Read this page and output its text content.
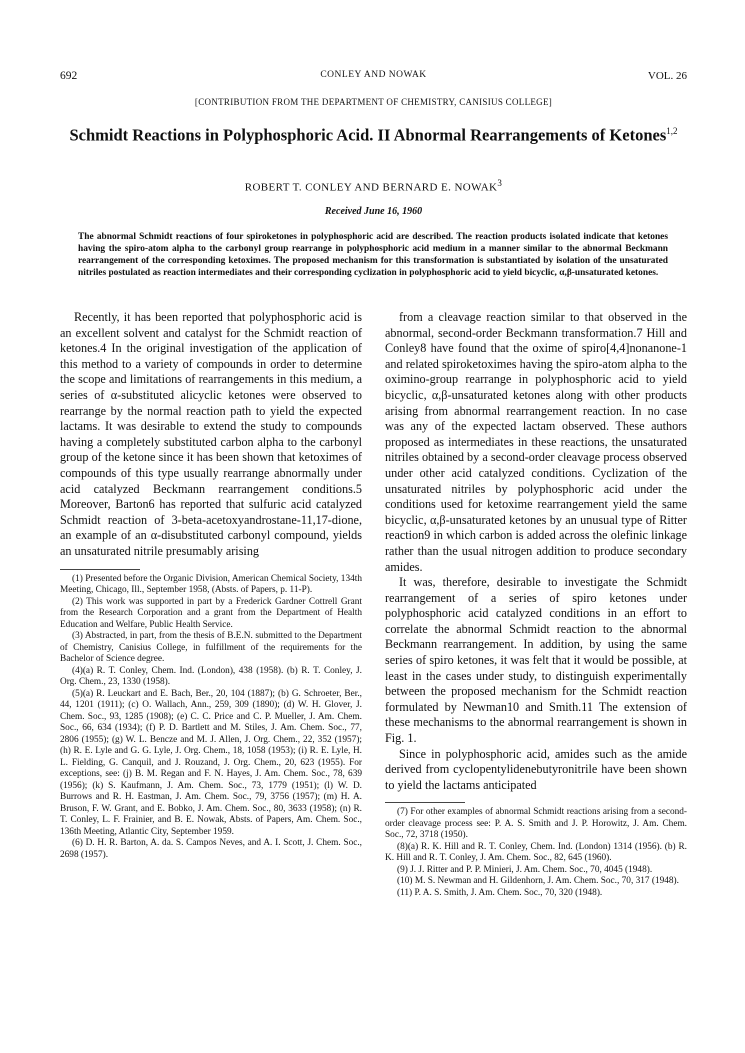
692	CONLEY AND NOWAK	VOL. 26
[CONTRIBUTION FROM THE DEPARTMENT OF CHEMISTRY, CANISIUS COLLEGE]
Schmidt Reactions in Polyphosphoric Acid. II Abnormal Rearrangements of Ketones$^{1,2}$
ROBERT T. CONLEY AND BERNARD E. NOWAK$^3$
Received June 16, 1960
The abnormal Schmidt reactions of four spiroketones in polyphosphoric acid are described. The reaction products isolated indicate that ketones having the spiro-atom alpha to the carbonyl group rearrange in polyphosphoric acid medium in a manner similar to the abnormal Beckmann rearrangement of the corresponding ketoximes. The proposed mechanism for this transformation is substantiated by isolation of the unsaturated nitriles postulated as reaction intermediates and their corresponding cyclization in polyphosphoric acid to yield bicyclic, α,β-unsaturated ketones.

Recently, it has been reported that polyphosphoric acid is an excellent solvent and catalyst for the Schmidt reaction of ketones.4 In the original investigation of the application of this method to a variety of compounds in order to determine the scope and limitations of rearrangements in this medium, a series of α-substituted alicyclic ketones were observed to rearrange by the normal reaction path to yield the expected lactams. It was desirable to extend the study to compounds having a completely substituted carbon alpha to the carbonyl group of the ketone since it has been shown that ketoximes of compounds of this type usually rearrange abnormally under acid catalyzed Beckmann rearrangement conditions.5 Moreover, Barton6 has reported that sulfuric acid catalyzed Schmidt reaction of 3-beta-acetoxyandrostane-11,17-dione, an example of an α-disubstituted carbonyl compound, yields an unsaturated nitrile presumably arising

(1) Presented before the Organic Division, American Chemical Society, 134th Meeting, Chicago, Ill., September 1958, (Absts. of Papers, p. 11-P).

(2) This work was supported in part by a Frederick Gardner Cottrell Grant from the Research Corporation and a grant from the Department of Health Education and Welfare, Public Health Service.

(3) Abstracted, in part, from the thesis of B.E.N. submitted to the Department of Chemistry, Canisius College, in fulfillment of the requirements for the Bachelor of Science degree.

(4)(a) R. T. Conley, Chem. Ind. (London), 438 (1958). (b) R. T. Conley, J. Org. Chem., 23, 1330 (1958).

(5)(a) R. Leuckart and E. Bach, Ber., 20, 104 (1887); (b) G. Schroeter, Ber., 44, 1201 (1911); (c) O. Wallach, Ann., 259, 309 (1890); (d) W. H. Glover, J. Chem. Soc., 93, 1285 (1908); (e) C. C. Price and C. P. Mueller, J. Am. Chem. Soc., 66, 634 (1934); (f) P. D. Bartlett and M. Stiles, J. Am. Chem. Soc., 77, 2806 (1955); (g) W. L. Bencze and M. J. Allen, J. Org. Chem., 22, 352 (1957); (h) R. E. Lyle and G. G. Lyle, J. Org. Chem., 18, 1058 (1953); (i) R. E. Lyle, H. L. Fielding, G. Canquil, and J. Rouzand, J. Org. Chem., 20, 623 (1955). For exceptions, see: (j) B. M. Regan and F. N. Hayes, J. Am. Chem. Soc., 78, 639 (1956); (k) S. Kaufmann, J. Am. Chem. Soc., 73, 1779 (1951); (l) W. D. Burrows and R. H. Eastman, J. Am. Chem. Soc., 79, 3756 (1957); (m) H. A. Bruson, F. W. Grant, and E. Bobko, J. Am. Chem. Soc., 80, 3633 (1958); (n) R. T. Conley, L. F. Frainier, and B. E. Nowak, Absts. of Papers, Am. Chem. Soc., 136th Meeting, Atlantic City, September 1959.

(6) D. H. R. Barton, A. da. S. Campos Neves, and A. I. Scott, J. Chem. Soc., 2698 (1957).

from a cleavage reaction similar to that observed in the abnormal, second-order Beckmann transformation.7 Hill and Conley8 have found that the oxime of spiro[4,4]nonanone-1 and related spiroketoximes having the spiro-atom alpha to the oximino-group rearrange in polyphosphoric acid to yield bicyclic, α,β-unsaturated ketones along with other products arising from abnormal rearrangement reaction. In no case was any of the expected lactam observed. These authors proposed as intermediates in these reactions, the unsaturated nitriles obtained by a second-order cleavage process observed under other acid catalyzed conditions. Cyclization of the unsaturated nitriles by polyphosphoric acid under the conditions used for ketoxime rearrangement yield the same bicyclic, α,β-unsaturated ketones by an unusual type of Ritter reaction9 in which carbon is added across the olefinic linkage rather than the usual nitrogen addition to produce secondary amides.

It was, therefore, desirable to investigate the Schmidt rearrangement of a series of spiro ketones under polyphosphoric acid catalyzed conditions in an effort to correlate the abnormal Schmidt reaction to the abnormal Beckmann rearrangement. In addition, by using the same series of spiro ketones, it was felt that it would be possible, at least in the cases under study, to distinguish experimentally between the proposed mechanism for the Schmidt reaction formulated by Newman10 and Smith.11 The extension of these mechanisms to the abnormal rearrangement is shown in Fig. 1.

Since in polyphosphoric acid, amides such as the amide derived from cyclopentylidenebutyronitrile have been shown to yield the lactams anticipated

(7) For other examples of abnormal Schmidt reactions arising from a second-order cleavage process see: P. A. S. Smith and J. P. Horowitz, J. Am. Chem. Soc., 72, 3718 (1950).

(8)(a) R. K. Hill and R. T. Conley, Chem. Ind. (London) 1314 (1956). (b) R. K. Hill and R. T. Conley, J. Am. Chem. Soc., 82, 645 (1960).

(9) J. J. Ritter and P. P. Minieri, J. Am. Chem. Soc., 70, 4045 (1948).

(10) M. S. Newman and H. Gildenhorn, J. Am. Chem. Soc., 70, 317 (1948).

(11) P. A. S. Smith, J. Am. Chem. Soc., 70, 320 (1948).
